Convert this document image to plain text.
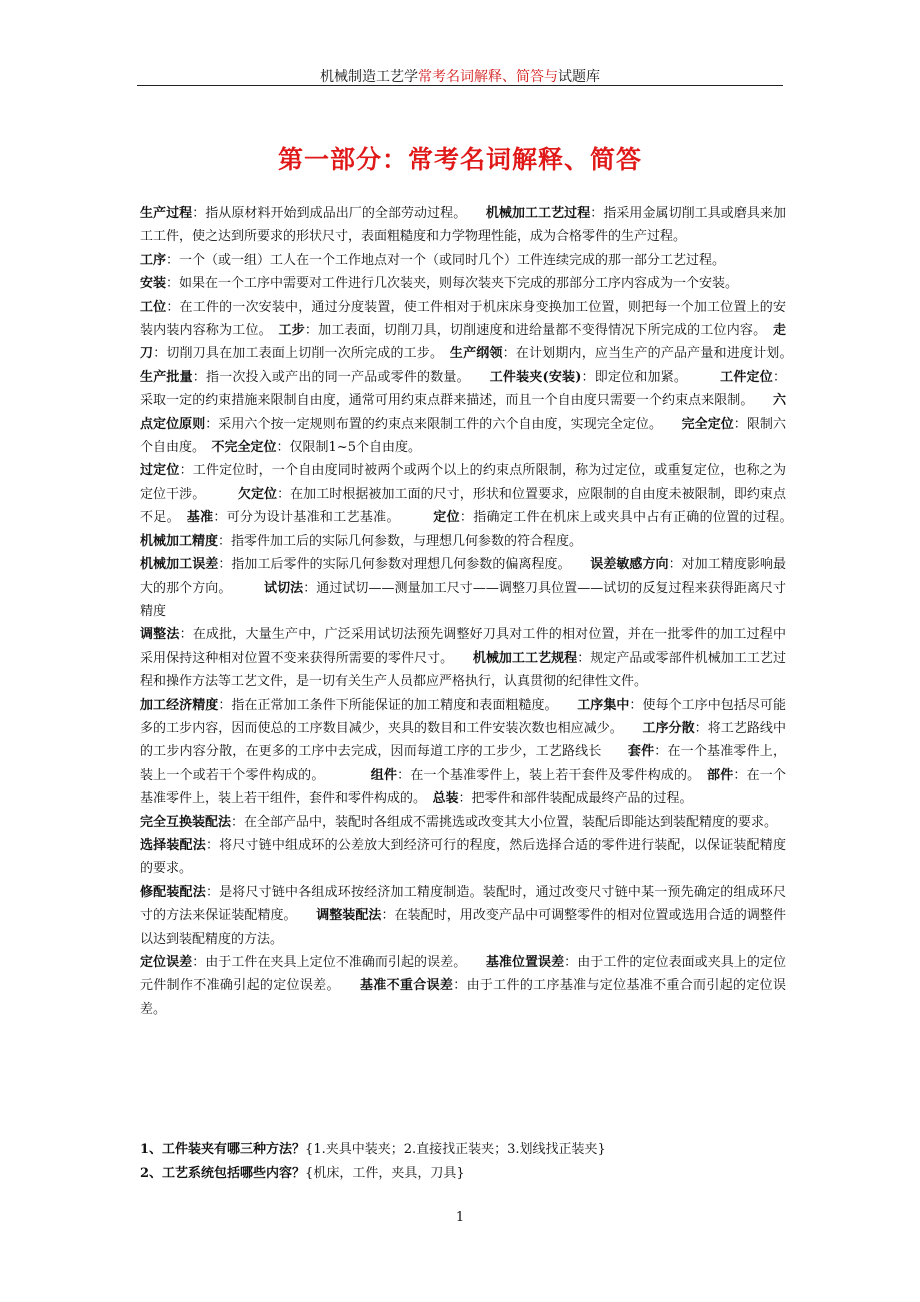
机械制造工艺学常考名词解释、简答与试题库
第一部分：常考名词解释、简答

生产过程：指从原材料开始到成品出厂的全部劳动过程。　　机械加工工艺过程：指采用金属切削工具或磨具来加工工件，使之达到所要求的形状尺寸，表面粗糙度和力学物理性能，成为合格零件的生产过程。

工序：一个（或一组）工人在一个工作地点对一个（或同时几个）工件连续完成的那一部分工艺过程。

安装：如果在一个工序中需要对工件进行几次装夹，则每次装夹下完成的那部分工序内容成为一个安装。

工位：在工件的一次安装中，通过分度装置，使工件相对于机床床身变换加工位置，则把每一个加工位置上的安装内装内容称为工位。　工步：加工表面，切削刀具，切削速度和进给量都不变得情况下所完成的工位内容。　走刀：切削刀具在加工表面上切削一次所完成的工步。　生产纲领：在计划期内，应当生产的产品产量和进度计划。　　生产批量：指一次投入或产出的同一产品或零件的数量。　　工件装夹(安装)：即定位和加紧。　　　工件定位：采取一定的约束措施来限制自由度，通常可用约束点群来描述，而且一个自由度只需要一个约束点来限制。　　六点定位原则：采用六个按一定规则布置的约束点来限制工件的六个自由度，实现完全定位。　　完全定位：限制六个自由度。　不完全定位：仅限制1~5个自由度。

过定位：工件定位时，一个自由度同时被两个或两个以上的约束点所限制，称为过定位，或重复定位，也称之为定位干涉。　　　欠定位：在加工时根据被加工面的尺寸，形状和位置要求，应限制的自由度未被限制，即约束点不足。　基准：可分为设计基准和工艺基准。　　　定位：指确定工件在机床上或夹具中占有正确的位置的过程。　机械加工精度：指零件加工后的实际几何参数，与理想几何参数的符合程度。

机械加工误差：指加工后零件的实际几何参数对理想几何参数的偏离程度。　　误差敏感方向：对加工精度影响最大的那个方向。　　　试切法：通过试切——测量加工尺寸——调整刀具位置——试切的反复过程来获得距离尺寸精度

调整法：在成批，大量生产中，广泛采用试切法预先调整好刀具对工件的相对位置，并在一批零件的加工过程中采用保持这种相对位置不变来获得所需要的零件尺寸。　　机械加工工艺规程：规定产品或零部件机械加工工艺过程和操作方法等工艺文件，是一切有关生产人员都应严格执行，认真贯彻的纪律性文件。

加工经济精度：指在正常加工条件下所能保证的加工精度和表面粗糙度。　　工序集中：使每个工序中包括尽可能多的工步内容，因而使总的工序数目减少，夹具的数目和工件安装次数也相应减少。　　工序分散：将工艺路线中的工步内容分散，在更多的工序中去完成，因而每道工序的工步少，工艺路线长　　套件：在一个基准零件上，装上一个或若干个零件构成的。　　　　组件：在一个基准零件上，装上若干套件及零件构成的。　部件：在一个基准零件上，装上若干组件，套件和零件构成的。　总装：把零件和部件装配成最终产品的过程。

完全互换装配法：在全部产品中，装配时各组成不需挑选或改变其大小位置，装配后即能达到装配精度的要求。

选择装配法：将尺寸链中组成环的公差放大到经济可行的程度，然后选择合适的零件进行装配，以保证装配精度的要求。

修配装配法：是将尺寸链中各组成环按经济加工精度制造。装配时，通过改变尺寸链中某一预先确定的组成环尺寸的方法来保证装配精度。　　调整装配法：在装配时，用改变产品中可调整零件的相对位置或选用合适的调整件以达到装配精度的方法。

定位误差：由于工件在夹具上定位不准确而引起的误差。　　基准位置误差：由于工件的定位表面或夹具上的定位元件制作不准确引起的定位误差。　　基准不重合误差：由于工件的工序基准与定位基准不重合而引起的定位误差。

1、工件装夹有哪三种方法？{1.夹具中装夹；2.直接找正装夹；3.划线找正装夹}

2、工艺系统包括哪些内容？{机床，工件，夹具，刀具}

1
